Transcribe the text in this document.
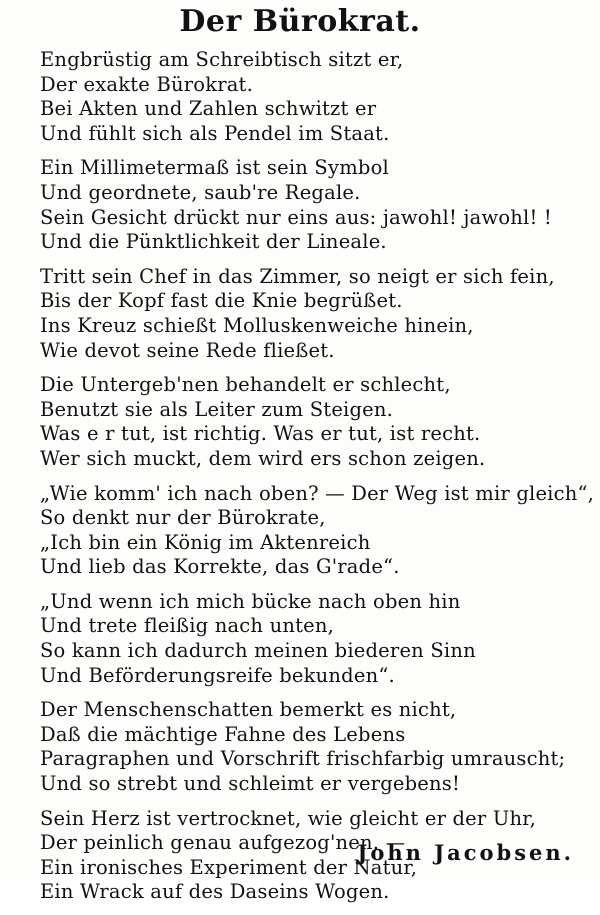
Der Bürokrat.
Engbrüstig am Schreibtisch sitzt er,
Der exakte Bürokrat.
Bei Akten und Zahlen schwitzt er
Und fühlt sich als Pendel im Staat.
Ein Millimetermaß ist sein Symbol
Und geordnete, saub're Regale.
Sein Gesicht drückt nur eins aus: jawohl! jawohl! !
Und die Pünktlichkeit der Lineale.
Tritt sein Chef in das Zimmer, so neigt er sich fein,
Bis der Kopf fast die Knie begrüßet.
Ins Kreuz schießt Molluskenweiche hinein,
Wie devot seine Rede fließet.
Die Untergeb'nen behandelt er schlecht,
Benutzt sie als Leiter zum Steigen.
Was e r tut, ist richtig. Was er tut, ist recht.
Wer sich muckt, dem wird ers schon zeigen.
„Wie komm' ich nach oben? — Der Weg ist mir gleich“,
So denkt nur der Bürokrate,
„Ich bin ein König im Aktenreich
Und lieb das Korrekte, das G'rade“.
„Und wenn ich mich bücke nach oben hin
Und trete fleißig nach unten,
So kann ich dadurch meinen biederen Sinn
Und Beförderungsreife bekunden“.
Der Menschenschatten bemerkt es nicht,
Daß die mächtige Fahne des Lebens
Paragraphen und Vorschrift frischfarbig umrauscht;
Und so strebt und schleimt er vergebens!
Sein Herz ist vertrocknet, wie gleicht er der Uhr,
Der peinlich genau aufgezog'nen. —
Ein ironisches Experiment der Natur,
Ein Wrack auf des Daseins Wogen.
John Jacobsen.
